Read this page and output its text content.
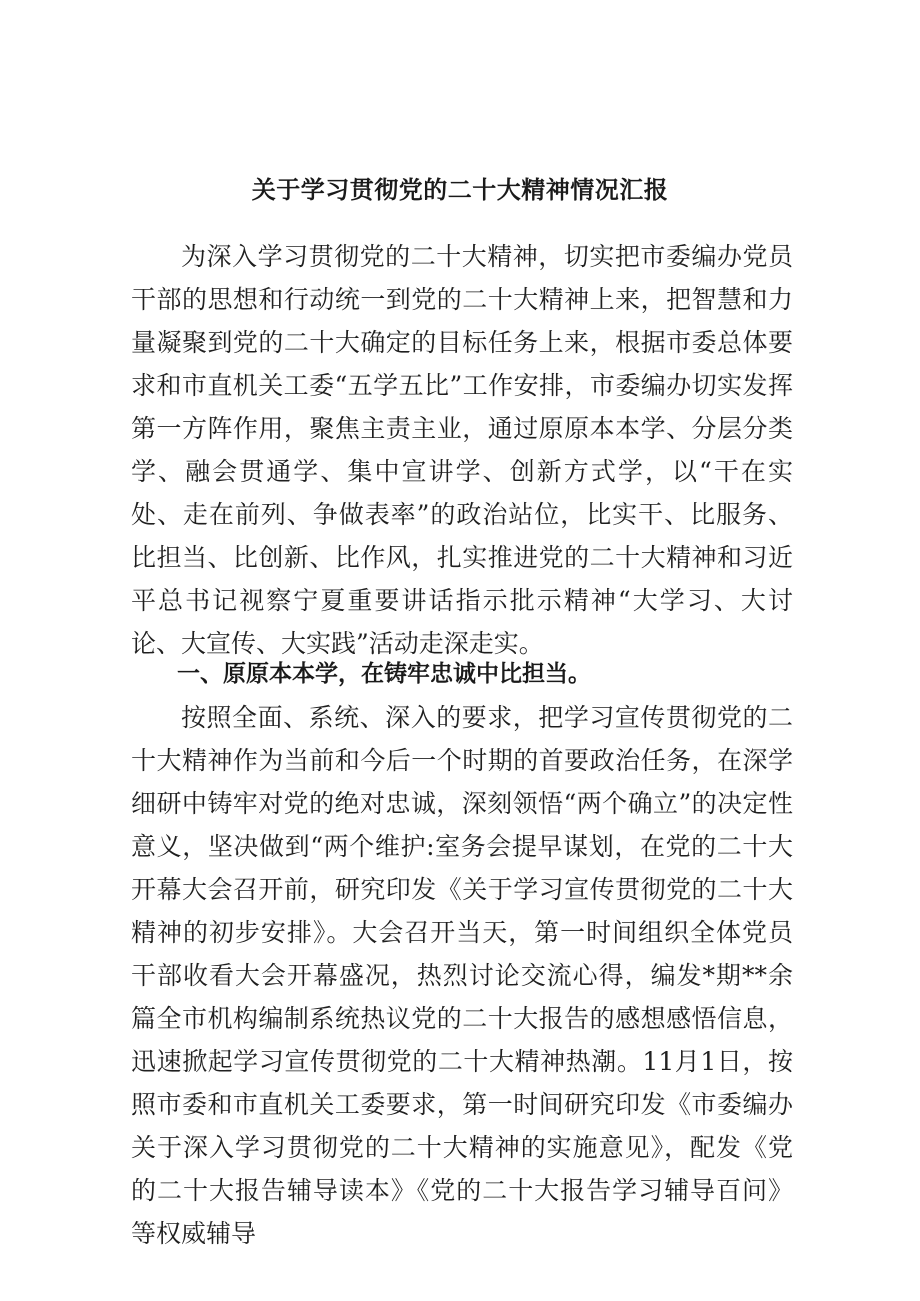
关于学习贯彻党的二十大精神情况汇报

为深入学习贯彻党的二十大精神，切实把市委编办党员干部的思想和行动统一到党的二十大精神上来，把智慧和力量凝聚到党的二十大确定的目标任务上来，根据市委总体要求和市直机关工委“五学五比”工作安排，市委编办切实发挥第一方阵作用，聚焦主责主业，通过原原本本学、分层分类学、融会贯通学、集中宣讲学、创新方式学，以“干在实处、走在前列、争做表率”的政治站位，比实干、比服务、比担当、比创新、比作风，扎实推进党的二十大精神和习近平总书记视察宁夏重要讲话指示批示精神“大学习、大讨论、大宣传、大实践”活动走深走实。

一、原原本本学，在铸牢忠诚中比担当。

按照全面、系统、深入的要求，把学习宣传贯彻党的二十大精神作为当前和今后一个时期的首要政治任务，在深学细研中铸牢对党的绝对忠诚，深刻领悟“两个确立”的决定性意义，坚决做到“两个维护:室务会提早谋划，在党的二十大开幕大会召开前，研究印发《关于学习宣传贯彻党的二十大精神的初步安排》。大会召开当天，第一时间组织全体党员干部收看大会开幕盛况，热烈讨论交流心得，编发*期**余篇全市机构编制系统热议党的二十大报告的感想感悟信息，迅速掀起学习宣传贯彻党的二十大精神热潮。11月1日，按照市委和市直机关工委要求，第一时间研究印发《市委编办关于深入学习贯彻党的二十大精神的实施意见》，配发《党的二十大报告辅导读本》《党的二十大报告学习辅导百问》等权威辅导
